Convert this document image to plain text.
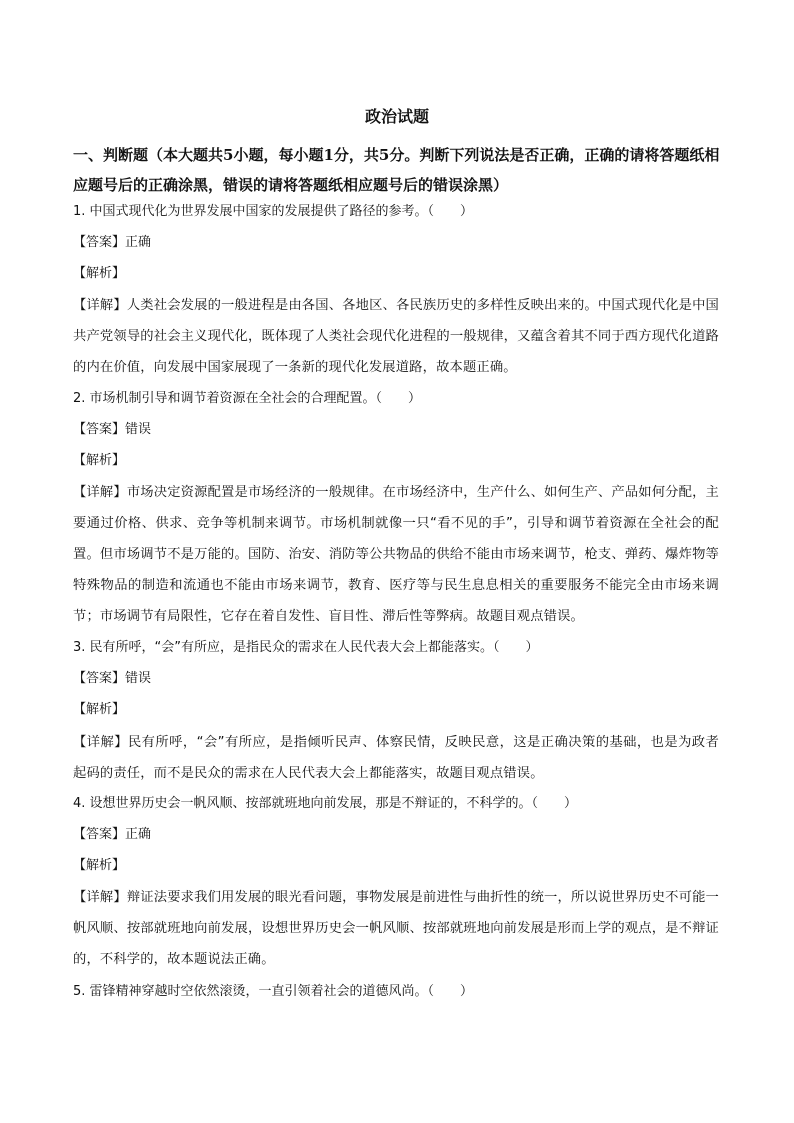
政治试题
一、判断题（本大题共5小题，每小题1分，共5分。判断下列说法是否正确，正确的请将答题纸相应题号后的正确涂黑，错误的请将答题纸相应题号后的错误涂黑）
1. 中国式现代化为世界发展中国家的发展提供了路径的参考。（　　）
【答案】正确
【解析】
【详解】人类社会发展的一般进程是由各国、各地区、各民族历史的多样性反映出来的。中国式现代化是中国共产党领导的社会主义现代化，既体现了人类社会现代化进程的一般规律，又蕴含着其不同于西方现代化道路的内在价值，向发展中国家展现了一条新的现代化发展道路，故本题正确。
2. 市场机制引导和调节着资源在全社会的合理配置。（　　）
【答案】错误
【解析】
【详解】市场决定资源配置是市场经济的一般规律。在市场经济中，生产什么、如何生产、产品如何分配，主要通过价格、供求、竞争等机制来调节。市场机制就像一只“看不见的手”，引导和调节着资源在全社会的配置。但市场调节不是万能的。国防、治安、消防等公共物品的供给不能由市场来调节，枪支、弹药、爆炸物等特殊物品的制造和流通也不能由市场来调节，教育、医疗等与民生息息相关的重要服务不能完全由市场来调节；市场调节有局限性，它存在着自发性、盲目性、滞后性等弊病。故题目观点错误。
3. 民有所呼，“会”有所应，是指民众的需求在人民代表大会上都能落实。（　　）
【答案】错误
【解析】
【详解】民有所呼，“会”有所应，是指倾听民声、体察民情，反映民意，这是正确决策的基础，也是为政者起码的责任，而不是民众的需求在人民代表大会上都能落实，故题目观点错误。
4. 设想世界历史会一帆风顺、按部就班地向前发展，那是不辩证的，不科学的。（　　）
【答案】正确
【解析】
【详解】辩证法要求我们用发展的眼光看问题，事物发展是前进性与曲折性的统一，所以说世界历史不可能一帆风顺、按部就班地向前发展，设想世界历史会一帆风顺、按部就班地向前发展是形而上学的观点，是不辩证的，不科学的，故本题说法正确。
5. 雷锋精神穿越时空依然滚烫，一直引领着社会的道德风尚。（　　）
